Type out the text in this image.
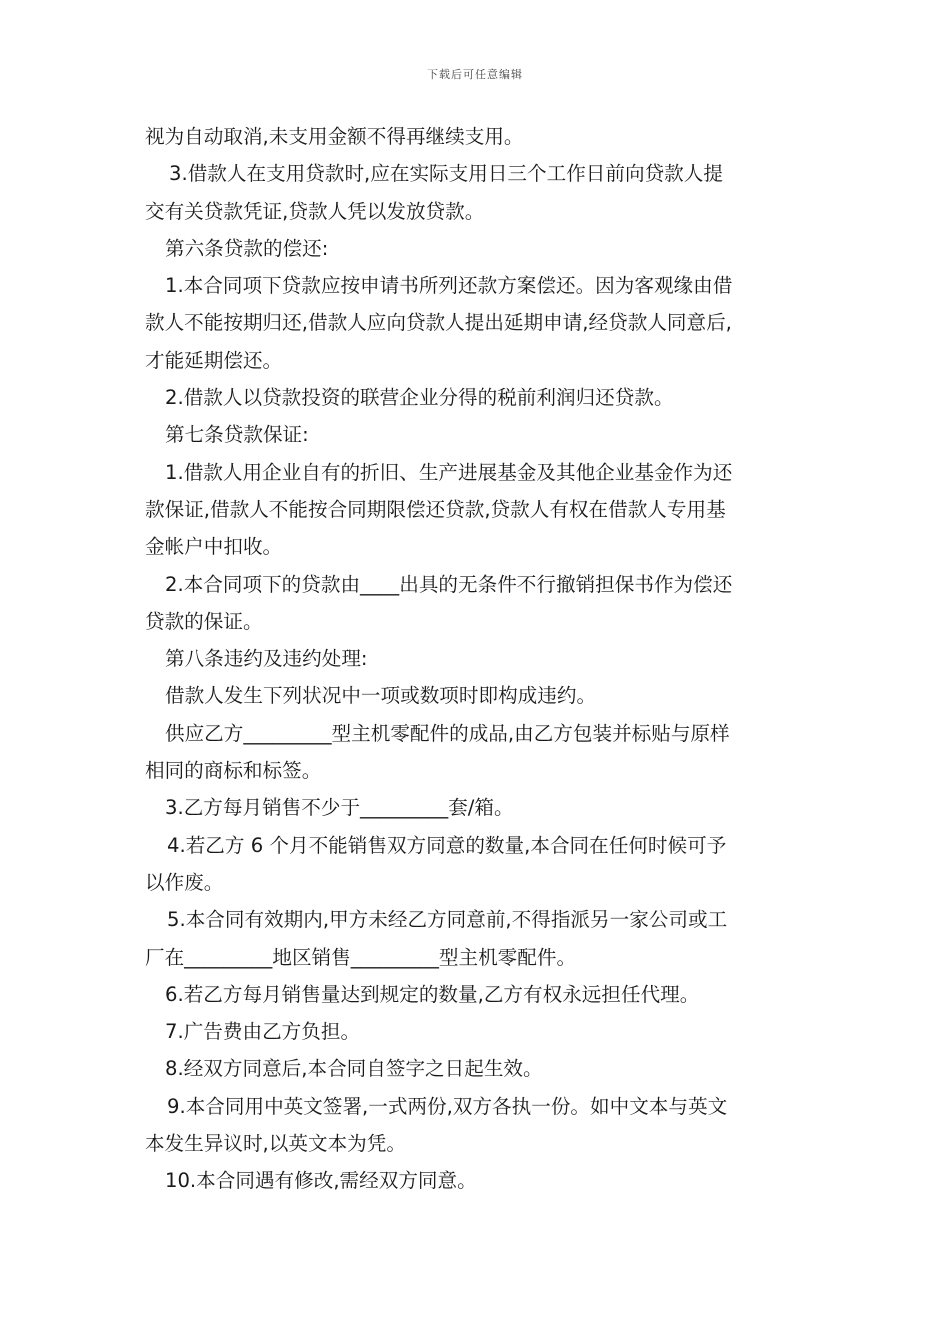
下载后可任意编辑
视为自动取消,未支用金额不得再继续支用。
3.借款人在支用贷款时,应在实际支用日三个工作日前向贷款人提
交有关贷款凭证,贷款人凭以发放贷款。
第六条贷款的偿还:
1.本合同项下贷款应按申请书所列还款方案偿还。因为客观缘由借
款人不能按期归还,借款人应向贷款人提出延期申请,经贷款人同意后,
才能延期偿还。
2.借款人以贷款投资的联营企业分得的税前利润归还贷款。
第七条贷款保证:
1.借款人用企业自有的折旧、生产进展基金及其他企业基金作为还
款保证,借款人不能按合同期限偿还贷款,贷款人有权在借款人专用基
金帐户中扣收。
2.本合同项下的贷款由____出具的无条件不行撤销担保书作为偿还
贷款的保证。
第八条违约及违约处理:
借款人发生下列状况中一项或数项时即构成违约。
供应乙方_________型主机零配件的成品,由乙方包装并标贴与原样
相同的商标和标签。
3.乙方每月销售不少于_________套/箱。
4.若乙方 6 个月不能销售双方同意的数量,本合同在任何时候可予
以作废。
5.本合同有效期内,甲方未经乙方同意前,不得指派另一家公司或工
厂在_________地区销售_________型主机零配件。
6.若乙方每月销售量达到规定的数量,乙方有权永远担任代理。
7.广告费由乙方负担。
8.经双方同意后,本合同自签字之日起生效。
9.本合同用中英文签署,一式两份,双方各执一份。如中文本与英文
本发生异议时,以英文本为凭。
10.本合同遇有修改,需经双方同意。
